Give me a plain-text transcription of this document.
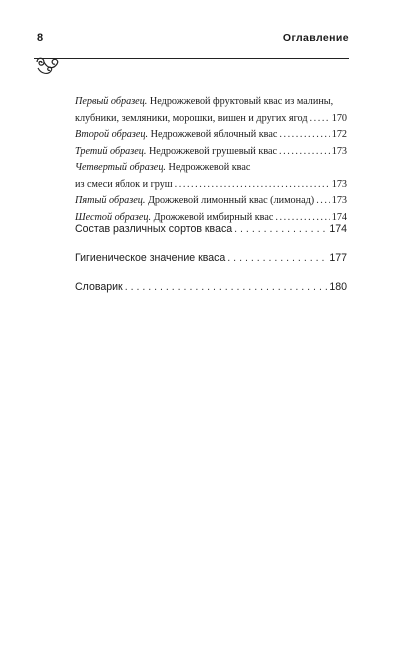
8	Оглавление
Первый образец. Недрожжевой фруктовый квас из малины,
клубники, земляники, морошки, вишен и других ягод . . . 170
Второй образец. Недрожжевой яблочный квас . . .	172
Третий образец. Недрожжевой грушевый квас . . .	173
Четвертый образец. Недрожжевой квас
из смеси яблок и груш . . .	173
Пятый образец. Дрожжевой лимонный квас (лимонад) . . . 173
Шестой образец. Дрожжевой имбирный квас . . .	174
Состав различных сортов кваса . . .	174
Гигиеническое значение кваса . . .	177
Словарик . . .	180
